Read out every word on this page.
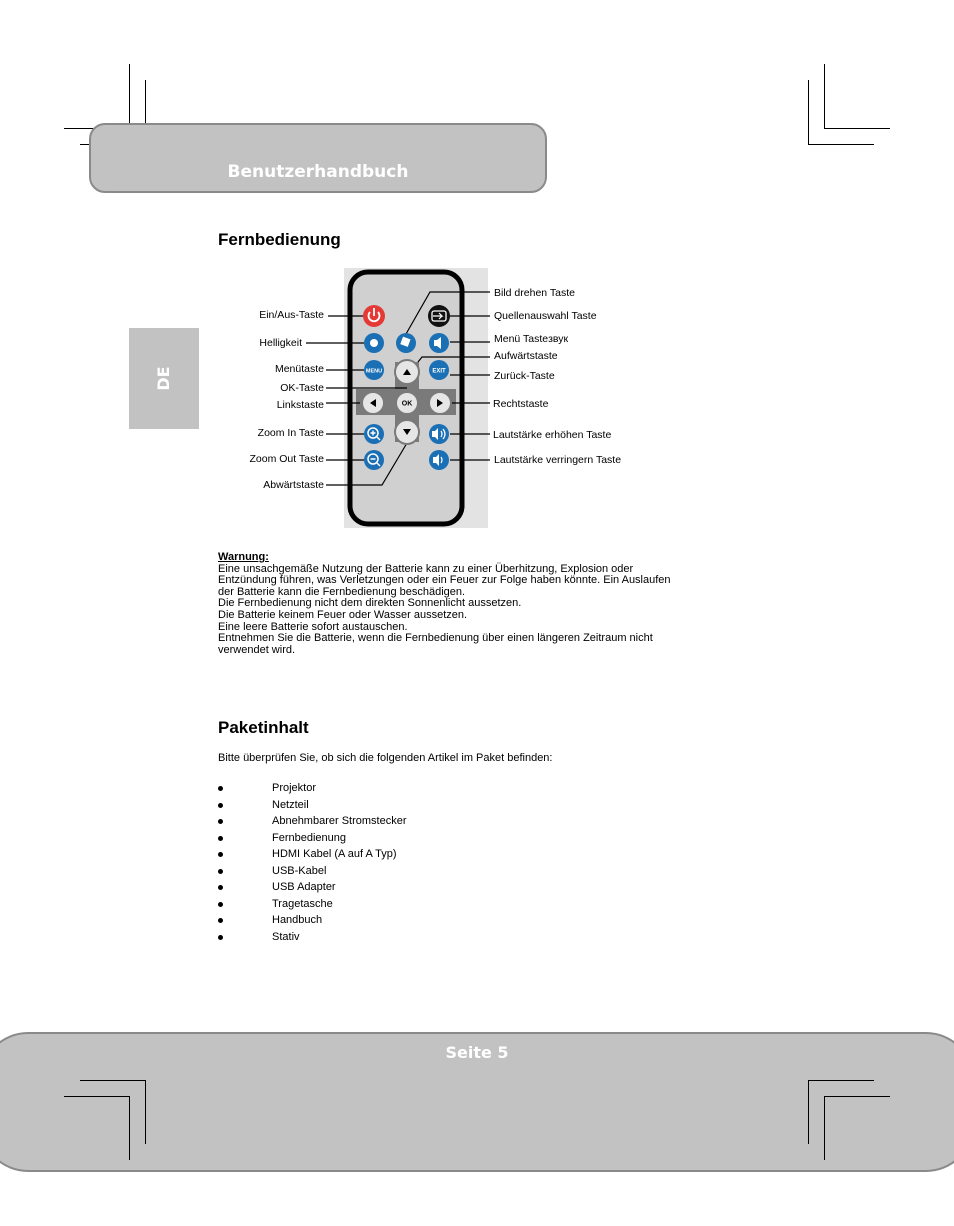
Benutzerhandbuch
DE
Fernbedienung
MENU	EXIT
OK
Ein/Aus-Taste
Helligkeit
Menütaste
OK-Taste
Linkstaste
Zoom In Taste
Zoom Out Taste
Abwärtstaste
Bild drehen Taste
Quellenauswahl Taste
Menü Tasteзвук
Aufwärtstaste
Zurück-Taste
Rechtstaste
Lautstärke erhöhen Taste
Lautstärke verringern Taste
Warnung:
Eine unsachgemäße Nutzung der Batterie kann zu einer Überhitzung, Explosion oder
Entzündung führen, was Verletzungen oder ein Feuer zur Folge haben könnte. Ein Auslaufen
der Batterie kann die Fernbedienung beschädigen.
Die Fernbedienung nicht dem direkten Sonnenlicht aussetzen.
Die Batterie keinem Feuer oder Wasser aussetzen.
Eine leere Batterie sofort austauschen.
Entnehmen Sie die Batterie, wenn die Fernbedienung über einen längeren Zeitraum nicht
verwendet wird.
Paketinhalt
Bitte überprüfen Sie, ob sich die folgenden Artikel im Paket befinden:
Projektor
Netzteil
Abnehmbarer Stromstecker
Fernbedienung
HDMI Kabel (A auf A Typ)
USB-Kabel
USB Adapter
Tragetasche
Handbuch
Stativ
Seite 5
